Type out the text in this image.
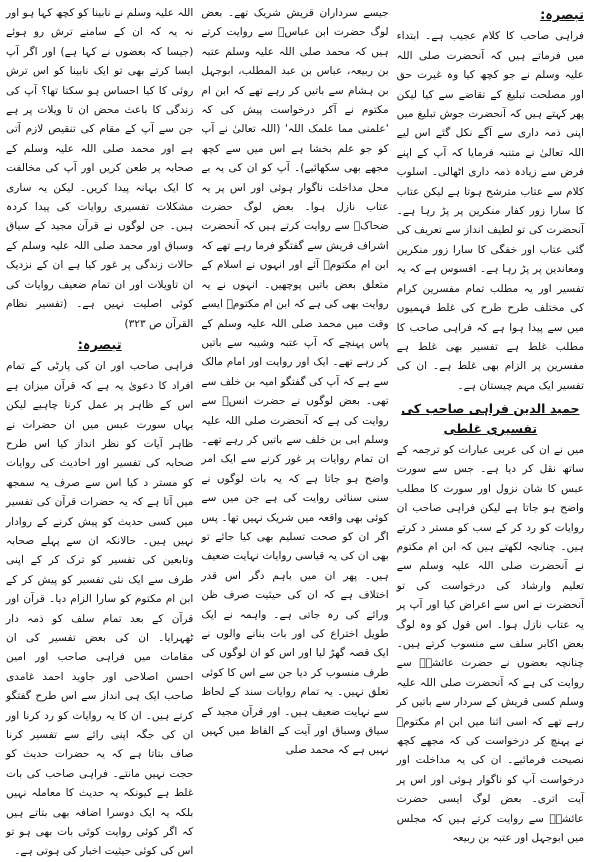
تبصرہ:

فراہی صاحب کا کلام عجیب ہے۔ ابتداء میں فرماتے ہیں کہ آنحضرت صلی اللہ علیہ وسلم نے جو کچھ کیا وہ غیرت حق اور مصلحت تبلیغ کے تقاضے سے کیا لیکن پھر کہتے ہیں کہ آنحضرت جوش تبلیغ میں اپنی ذمہ داری سے آگے نکل گئے اس لیے اللہ تعالیٰ نے متنبہ فرمایا کہ آپ کے اپنے فرض سے زیادہ ذمہ داری اٹھالی۔ اسلوب کلام سے عتاب مترشح ہوتا ہے لیکن عتاب کا سارا زور کفار منکرین پر پڑ رہا ہے۔ آنحضرت کی تو لطیف انداز سے تعریف کی گئی عتاب اور خفگی کا سارا زور منکرین ومعاندین پر پڑ رہا ہے۔ افسوس ہے کہ یہ تفسیر اور یہ مطلب تمام مفسرین کرام کی مختلف طرح طرح کی غلط فہمیوں میں سے پیدا ہوا ہے کہ فراہی صاحب کا مطلب غلط ہے تفسیر بھی غلط ہے مفسرین پر الزام بھی غلط ہے۔ ان کی تفسیر ایک مہم چیستان ہے۔

حمید الدین فراہی صاحب کی تفسیری غلطی

میں نے ان کی عربی عبارات کو ترجمہ کے ساتھ نقل کر دیا ہے۔ جس سے سورت عبس کا شان نزول اور سورت کا مطلب واضح ہو جاتا ہے لیکن فراہی صاحب ان روایات کو رد کر کے سب کو مستر د کرتے ہیں۔ چنانچہ لکھتے ہیں کہ ابن ام مکتوم نے آنحضرت صلی اللہ علیہ وسلم سے تعلیم وارشاد کی درخواست کی تو آنحضرت نے اس سے اعراض کیا اور آپ پر یہ عتاب نازل ہوا۔ اس قول کو وہ لوگ بعض اکابر سلف سے منسوب کرتے ہیں۔ چنانچہ بعضوں نے حضرت عائشہؓ سے روایت کی ہے کہ آنحضرت صلی اللہ علیہ وسلم کسی قریش کے سردار سے باتیں کر رہے تھے کہ اسی اثنا میں ابن ام مکتومؓ نے پہنچ کر درخواست کی کہ مجھے کچھ نصیحت فرمائیے۔ ان کی یہ مداخلت اور درخواست آپ کو ناگوار ہوئی اور اس پر آیت اتری۔ بعض لوگ ایسی حضرت عائشہؓ سے روایت کرتے ہیں کہ مجلس میں ابوجہل اور عتبہ بن ربیعہ

جیسے سرداران قریش شریک تھے۔ بعض لوگ حضرت ابن عباسؓ سے روایت کرتے ہیں کہ محمد صلی اللہ علیہ وسلم عتبہ بن ربیعہ، عباس بن عبد المطلب، ابوجہل بن ہشام سے باتیں کر رہے تھے کہ ابن ام مکتوم نے آکر درخواست پیش کی کہ 'علمنی مما علمک اللہ' (اللہ تعالیٰ نے آپ کو جو علم بخشا ہے اس میں سے کچھ مجھے بھی سکھائیے)۔ آپ کو ان کی یہ بے محل مداخلت ناگوار ہوئی اور اس پر یہ عتاب نازل ہوا۔ بعض لوگ حضرت ضحاکؒ سے روایت کرتے ہیں کہ آنحضرت اشراف قریش سے گفتگو فرما رہے تھے کہ ابن ام مکتومؓ آئے اور انہوں نے اسلام کے متعلق بعض باتیں پوچھیں۔ انہوں نے یہ روایت بھی کی ہے کہ ابن ام مکتومؓ ایسے وقت میں محمد صلی اللہ علیہ وسلم کے پاس پہنچے کہ آپ عتبہ وشیبہ سے باتیں کر رہے تھے۔ ایک اور روایت اور امام مالک سے ہے کہ آپ کی گفتگو امیہ بن خلف سے تھی۔ بعض لوگوں نے حضرت انسؓ سے روایت کی ہے کہ آنحضرت صلی اللہ علیہ وسلم ابی بن خلف سے باتیں کر رہے تھے۔ ان تمام روایات پر غور کرنے سے ایک امر واضح ہو جاتا ہے کہ یہ بات لوگوں نے سنی سنائی روایت کی ہے جن میں سے کوئی بھی واقعہ میں شریک نہیں تھا۔ پس اگر ان کو صحت تسلیم بھی کیا جائے تو بھی ان کی یہ قیاسی روایات نہایت ضعیف ہیں۔ پھر ان میں باہم دگر اس قدر اختلاف ہے کہ ان کی حیثیت صرف ظن ورائے کی رہ جاتی ہے۔ واہمہ نے ایک طویل اختراع کی اور بات بنانے والوں نے ایک قصہ گھڑ لیا اور اس کو ان لوگوں کی طرف منسوب کر دیا جن سے اس کا کوئی تعلق نہیں۔ یہ تمام روایات سند کے لحاظ سے نہایت ضعیف ہیں۔ اور قرآن مجید کے سیاق وسباق اور آیت کے الفاظ میں کہیں نہیں ہے کہ محمد صلی

اللہ علیہ وسلم نے نابینا کو کچھ کہا ہو اور نہ یہ کہ ان کے سامنے ترش رو ہوئے (جیسا کہ بعضوں نے کہا ہے) اور اگر آپ ایسا کرتے بھی تو ایک نابینا کو اس ترش روئی کا کیا احساس ہو سکتا تھا؟ آپ کی زندگی کا باعث محض ان تا ویلات پر ہے جن سے آپ کے مقام کی تنقیص لازم آتی ہے اور محمد صلی اللہ علیہ وسلم کے صحابہ پر طعن کریں اور آپ کی مخالفت کا ایک بہانہ پیدا کریں۔ لیکن یہ ساری مشکلات تفسیری روایات کی پیدا کردہ ہیں۔ جن لوگوں نے قرآن مجید کے سیاق وسباق اور محمد صلی اللہ علیہ وسلم کے حالات زندگی پر غور کیا ہے ان کے نزدیک ان تاویلات اور ان تمام ضعیف روایات کی کوئی اصلیت نہیں ہے۔ (تفسیر نظام القرآن ص ۳۲۳)

تبصرہ:

فراہی صاحب اور ان کی پارٹی کے تمام افراد کا دعویٰ یہ ہے کہ قرآن میزان ہے اس کے ظاہر پر عمل کرنا چاہیے لیکن یہاں سورت عبس میں ان حضرات نے ظاہر آیات کو نظر انداز کیا اس طرح صحابہ کی تفسیر اور احادیث کی روایات کو مستر د کیا اس سے صرف یہ سمجھ میں آتا ہے کہ یہ حضرات قرآن کی تفسیر میں کسی حدیث کو پیش کرنے کے روادار نہیں ہیں۔ حالانکہ ان سے پہلے صحابہ وتابعین کی تفسیر کو ترک کر کے اپنی طرف سے ایک نئی تفسیر کو پیش کر کے ابن ام مکتوم کو سارا الزام دیا۔ قرآن اور قرآن کے بعد تمام سلف کو ذمہ دار ٹھہرایا۔ ان کی بعض تفسیر کی ان مقامات میں فراہی صاحب اور امین احسن اصلاحی اور جاوید احمد غامدی صاحب ایک ہی انداز سے اس طرح گفتگو کرتے ہیں۔ ان کا یہ روایات کو رد کرنا اور ان کی جگہ اپنی رائے سے تفسیر کرنا صاف بتاتا ہے کہ یہ حضرات حدیث کو حجت نہیں مانتے۔ فراہی صاحب کی بات غلط ہے کیونکہ یہ حدیث کا معاملہ نہیں بلکہ یہ ایک دوسرا اضافہ بھی بتاتے ہیں کہ اگر کوئی روایت کوئی بات بھی ہو تو اس کی کوئی حیثیت اخبار کی ہوتی ہے۔
